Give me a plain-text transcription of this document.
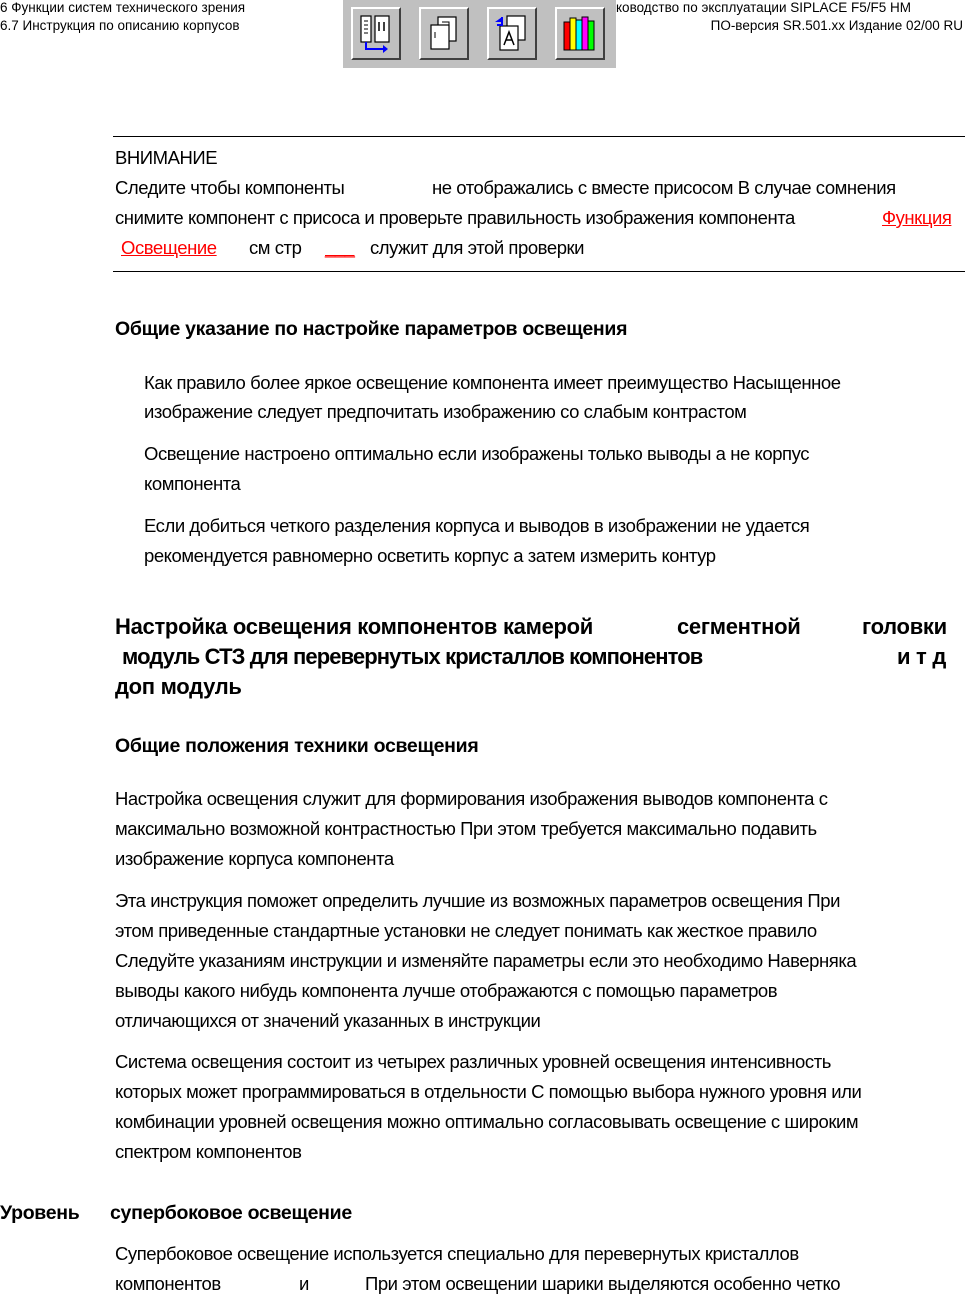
6 Функции систем технического зрения
6.7 Инструкция по описанию корпусов
ководство по эксплуатации SIPLACE F5/F5 HM
ПО-версия SR.501.xx Издание 02/00 RU
ВНИМАНИЕ
Следите чтобы компоненты	не отображались с вместе присосом В случае сомнения
снимите компонент с присоса и проверьте правильность изображения компонента	Функция
Освещение	см стр ___ служит для этой проверки
Общие указание по настройке параметров освещения
Как правило более яркое освещение компонента имеет преимущество Насыщенное
изображение следует предпочитать изображению со слабым контрастом
Освещение настроено оптимально если изображены только выводы а не корпус
компонента
Если добиться четкого разделения корпуса и выводов в изображении не удается
рекомендуется равномерно осветить корпус а затем измерить контур
Настройка освещения компонентов камерой	сегментной	головки
модуль СТЗ для перевернутых кристаллов компонентов	и т д
доп модуль
Общие положения техники освещения
Настройка освещения служит для формирования изображения выводов компонента с
максимально возможной контрастностью При этом требуется максимально подавить
изображение корпуса компонента
Эта инструкция поможет определить лучшие из возможных параметров освещения При
этом приведенные стандартные установки не следует понимать как жесткое правило
Следуйте указаниям инструкции и изменяйте параметры если это необходимо Наверняка
выводы какого нибудь компонента лучше отображаются с помощью параметров
отличающихся от значений указанных в инструкции
Система освещения состоит из четырех различных уровней освещения интенсивность
которых может программироваться в отдельности С помощью выбора нужного уровня или
комбинации уровней освещения можно оптимально согласовывать освещение с широким
спектром компонентов
Уровень супербоковое освещение
Супербоковое освещение используется специально для перевернутых кристаллов
компонентов	и	При этом освещении шарики выделяются особенно четко
